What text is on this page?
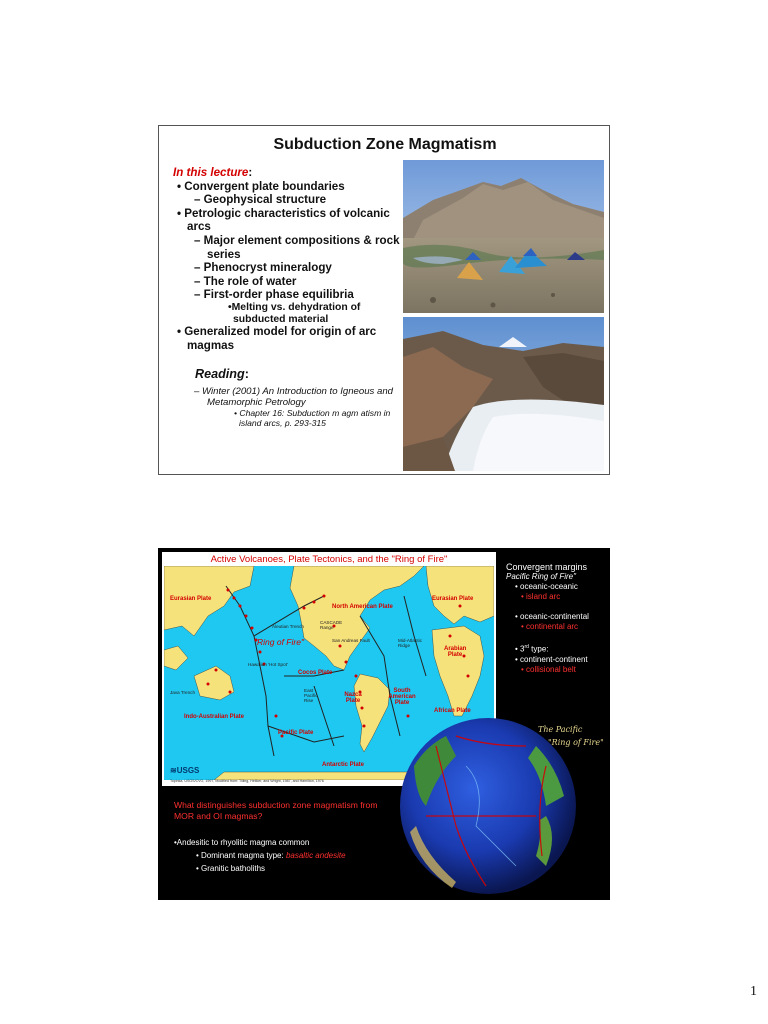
Subduction Zone Magmatism
In this lecture:
• Convergent plate boundaries
– Geophysical structure
• Petrologic characteristics of volcanic arcs
– Major element compositions & rock series
– Phenocryst mineralogy
– The role of water
– First-order phase equilibria
•Melting vs. dehydration of subducted material
• Generalized model for origin of arc magmas
Reading:
– Winter (2001) An Introduction to Igneous and Metamorphic Petrology
• Chapter 16: Subduction m agm atism in island arcs, p. 293-315
Active Volcanoes, Plate Tectonics, and the "Ring of Fire"
Eurasian Plate	Eurasian Plate
North American Plate
"Ring of Fire"
Aleutian Trench
CASCADE Range
San Andreas Fault	Mid-Atlantic Ridge
Hawaiian 'Hot Spot'
Cocos Plate
Arabian Plate
Java Trench	East Pacific Rise
Nazca Plate
South American Plate
African Plate
Indo-Australian Plate
Pacific Plate
Antarctic Plate
≋USGS
Topinka, USGS/CVO, 1997, Modified from: Tilling, Heliker, and Wright, 1987, and Hamilton, 1976
Convergent margins
Pacific Ring of Fire"
• oceanic-oceanic
• island arc
• oceanic-continental
• continental arc
• 3rd type:
• continent-continent
• collisional belt
The Pacific
"Ring of Fire"
What distinguishes subduction zone magmatism from MOR and OI magmas?
•Andesitic to rhyolitic magma common
• Dominant magma type: basaltic andesite
• Granitic batholiths
1
